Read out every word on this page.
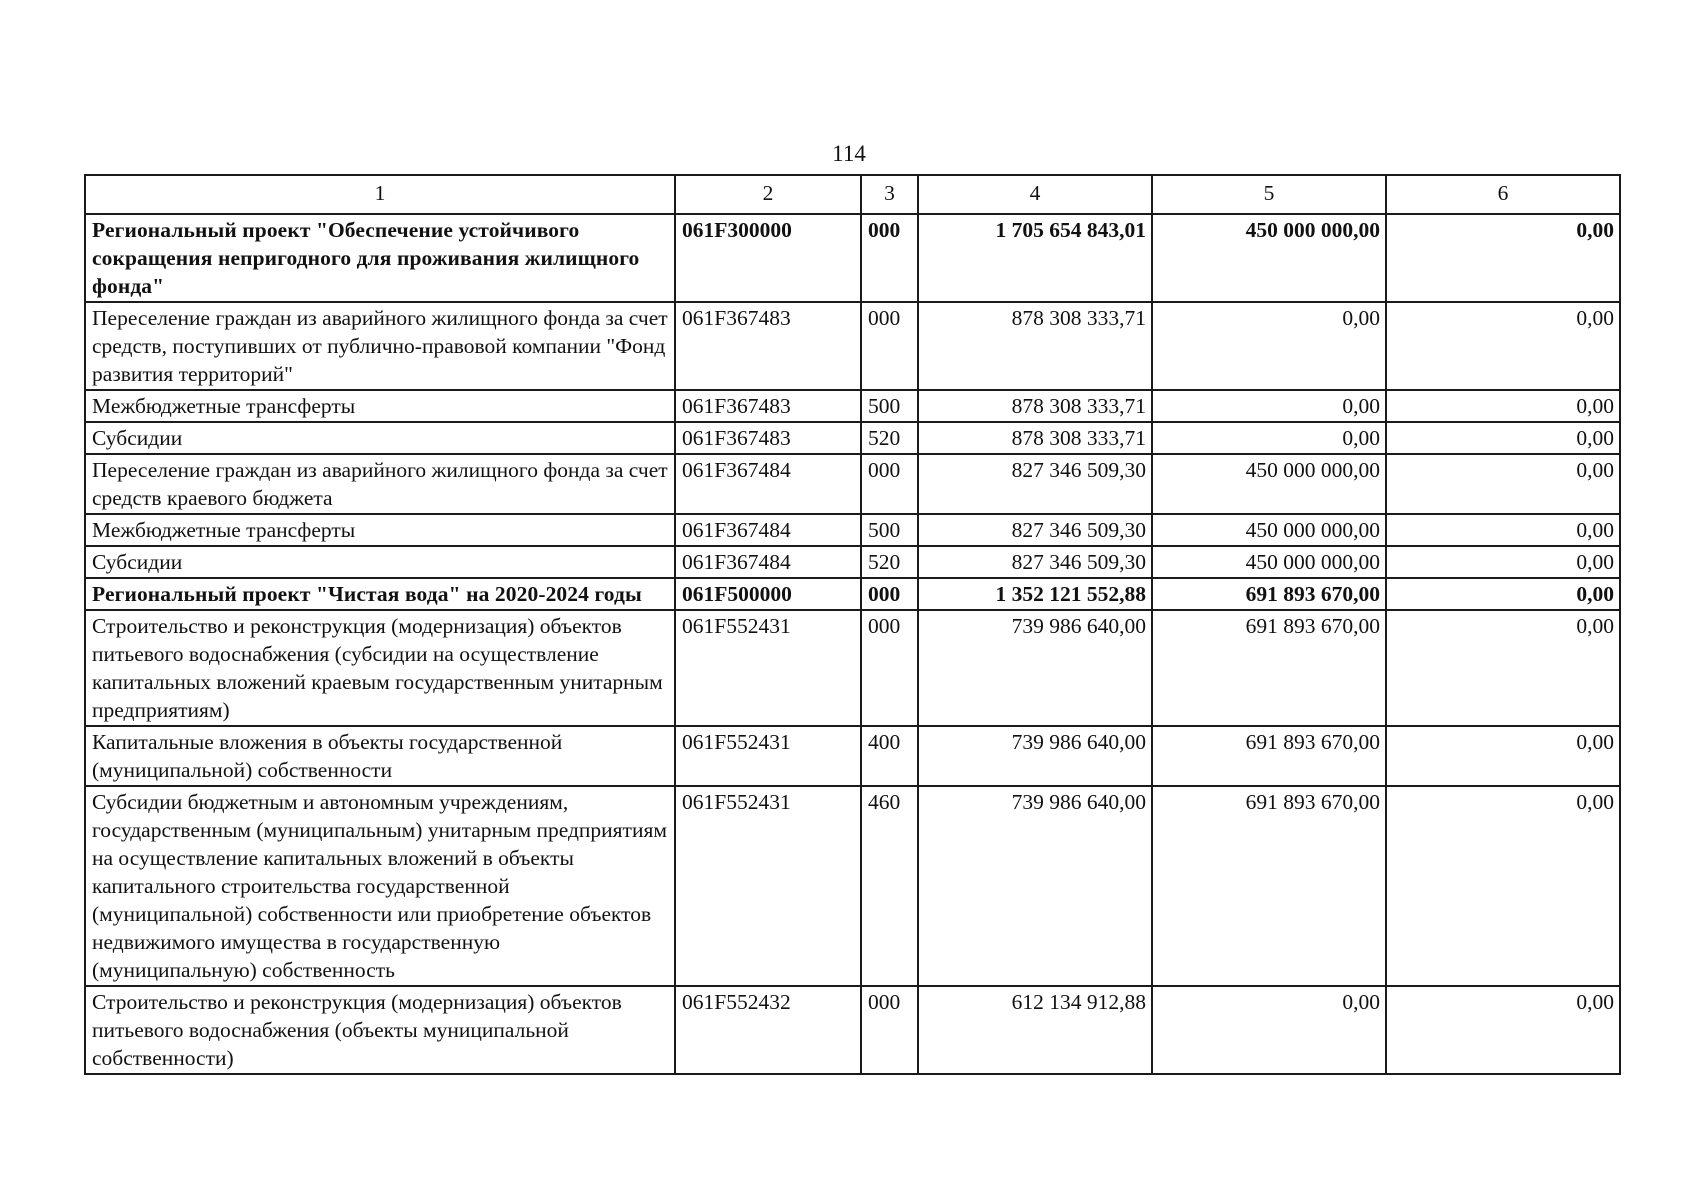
114
1	2	3	4	5	6
Региональный проект "Обеспечение устойчивого сокращения непригодного для проживания жилищного фонда"	061F300000	000	1 705 654 843,01	450 000 000,00	0,00
Переселение граждан из аварийного жилищного фонда за счет средств, поступивших от публично-правовой компании "Фонд развития территорий"	061F367483	000	878 308 333,71	0,00	0,00
Межбюджетные трансферты	061F367483	500	878 308 333,71	0,00	0,00
Субсидии	061F367483	520	878 308 333,71	0,00	0,00
Переселение граждан из аварийного жилищного фонда за счет средств краевого бюджета	061F367484	000	827 346 509,30	450 000 000,00	0,00
Межбюджетные трансферты	061F367484	500	827 346 509,30	450 000 000,00	0,00
Субсидии	061F367484	520	827 346 509,30	450 000 000,00	0,00
Региональный проект "Чистая вода" на 2020-2024 годы	061F500000	000	1 352 121 552,88	691 893 670,00	0,00
Строительство и реконструкция (модернизация) объектов питьевого водоснабжения (субсидии на осуществление капитальных вложений краевым государственным унитарным предприятиям)	061F552431	000	739 986 640,00	691 893 670,00	0,00
Капитальные вложения в объекты государственной (муниципальной) собственности	061F552431	400	739 986 640,00	691 893 670,00	0,00
Субсидии бюджетным и автономным учреждениям, государственным (муниципальным) унитарным предприятиям на осуществление капитальных вложений в объекты капитального строительства государственной (муниципальной) собственности или приобретение объектов недвижимого имущества в государственную (муниципальную) собственность	061F552431	460	739 986 640,00	691 893 670,00	0,00
Строительство и реконструкция (модернизация) объектов питьевого водоснабжения (объекты муниципальной собственности)	061F552432	000	612 134 912,88	0,00	0,00
